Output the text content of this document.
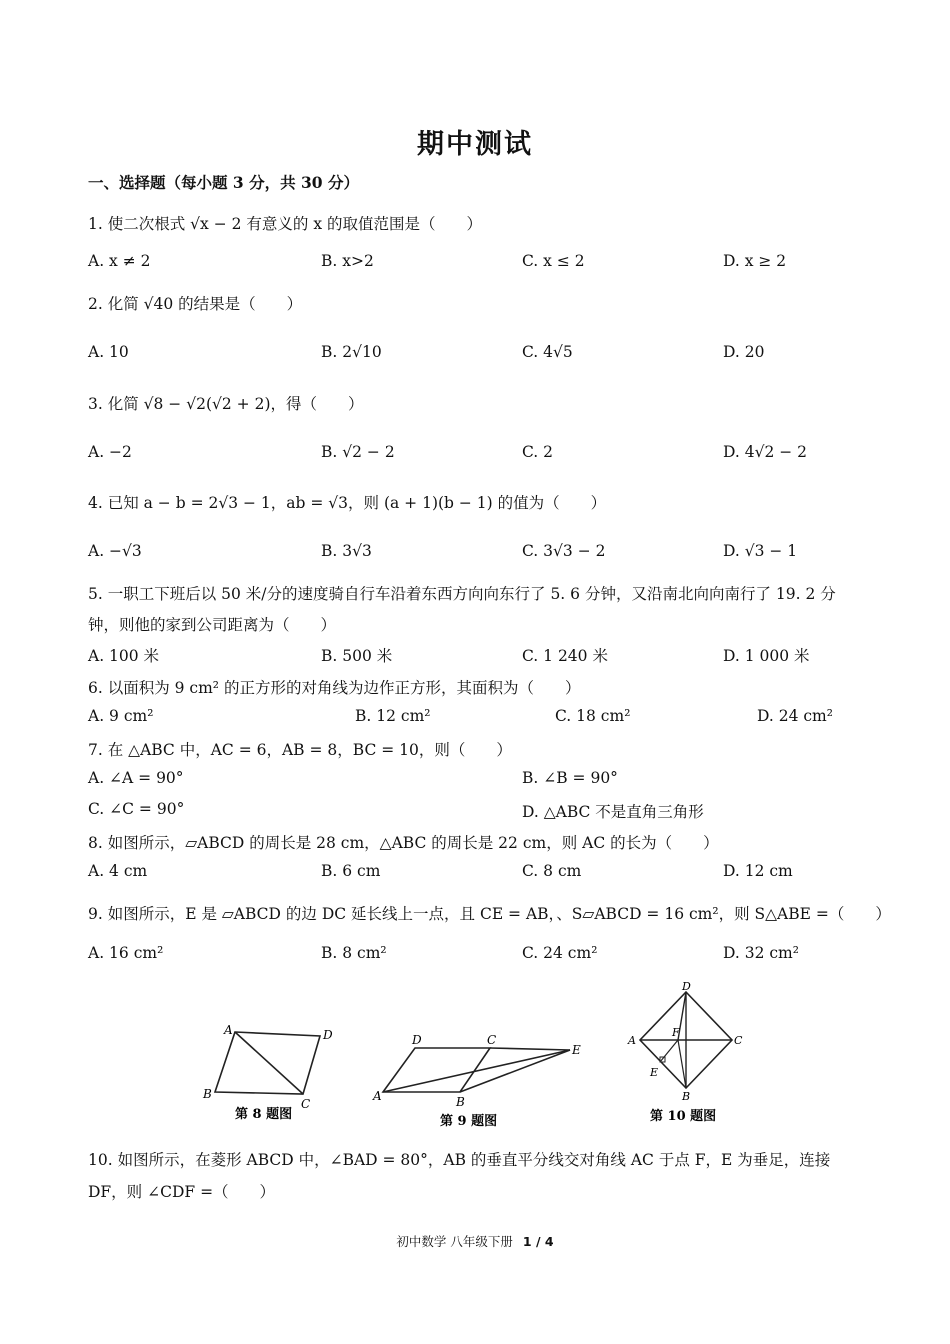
期中测试
一、选择题（每小题 3 分，共 30 分）
1. 使二次根式 √x − 2 有意义的 x 的取值范围是（　　）
A. x ≠ 2	B. x>2	C. x ≤ 2	D. x ≥ 2
2. 化简 √40 的结果是（　　）
A. 10	B. 2√10	C. 4√5	D. 20
3. 化简 √8 − √2(√2 + 2)，得（　　）
A. −2	B. √2 − 2	C. 2	D. 4√2 − 2
4. 已知 a − b = 2√3 − 1，ab = √3，则 (a + 1)(b − 1) 的值为（　　）
A. −√3	B. 3√3	C. 3√3 − 2	D. √3 − 1
5. 一职工下班后以 50 米/分的速度骑自行车沿着东西方向向东行了 5. 6 分钟，又沿南北向向南行了 19. 2 分
钟，则他的家到公司距离为（　　）
A. 100 米	B. 500 米	C. 1 240 米	D. 1 000 米
6. 以面积为 9 cm² 的正方形的对角线为边作正方形，其面积为（　　）
A. 9 cm²	B. 12 cm²	C. 18 cm²	D. 24 cm²
7. 在 △ABC 中，AC = 6，AB = 8，BC = 10，则（　　）
A. ∠A = 90°	B. ∠B = 90°
C. ∠C = 90°	D. △ABC 不是直角三角形
8. 如图所示，▱ABCD 的周长是 28 cm，△ABC 的周长是 22 cm，则 AC 的长为（　　）
A. 4 cm	B. 6 cm	C. 8 cm	D. 12 cm
9. 如图所示，E 是 ▱ABCD 的边 DC 延长线上一点，且 CE = AB，、S▱ABCD = 16 cm²，则 S△ABE =（　　）
A. 16 cm²	B. 8 cm²	C. 24 cm²	D. 32 cm²
A	D
B
C
第 8 题图
D	C
E
A	B
第 9 题图
D
A
F
C
E
B
第 10 题图
10. 如图所示，在菱形 ABCD 中，∠BAD = 80°，AB 的垂直平分线交对角线 AC 于点 F，E 为垂足，连接
DF，则 ∠CDF =（　　）
初中数学 八年级下册 1 / 4
